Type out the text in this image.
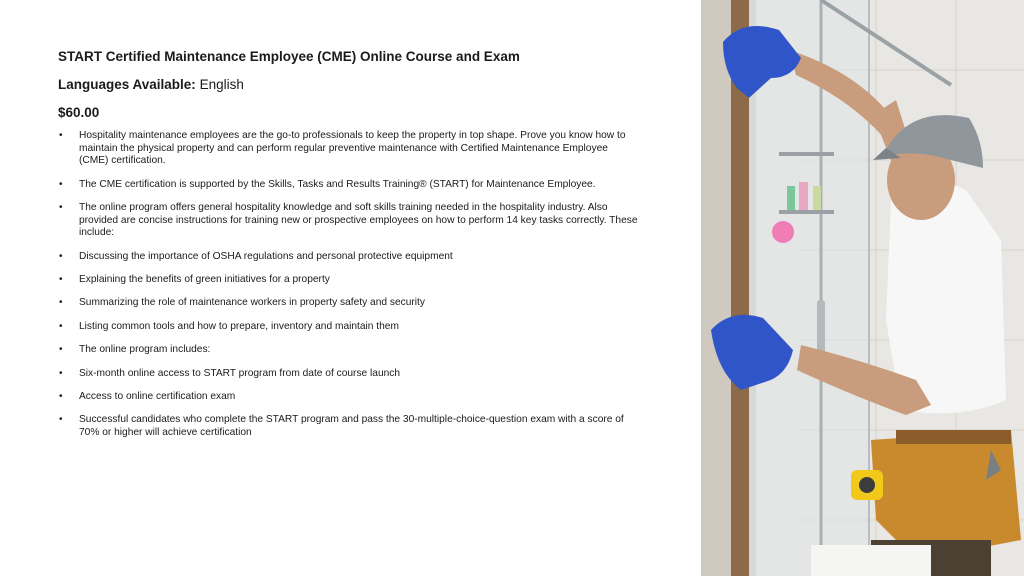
START Certified Maintenance Employee (CME) Online Course and Exam
Languages Available: English
$60.00
• Hospitality maintenance employees are the go-to professionals to keep the property in top shape. Prove you know how to maintain the physical property and can perform regular preventive maintenance with Certified Maintenance Employee (CME) certification.
• The CME certification is supported by the Skills, Tasks and Results Training® (START) for Maintenance Employee.
• The online program offers general hospitality knowledge and soft skills training needed in the hospitality industry. Also provided are concise instructions for training new or prospective employees on how to perform 14 key tasks correctly. These include:
• Discussing the importance of OSHA regulations and personal protective equipment
• Explaining the benefits of green initiatives for a property
• Summarizing the role of maintenance workers in property safety and security
• Listing common tools and how to prepare, inventory and maintain them
• The online program includes:
• Six-month online access to START program from date of course launch
• Access to online certification exam
• Successful candidates who complete the START program and pass the 30-multiple-choice-question exam with a score of 70% or higher will achieve certification
